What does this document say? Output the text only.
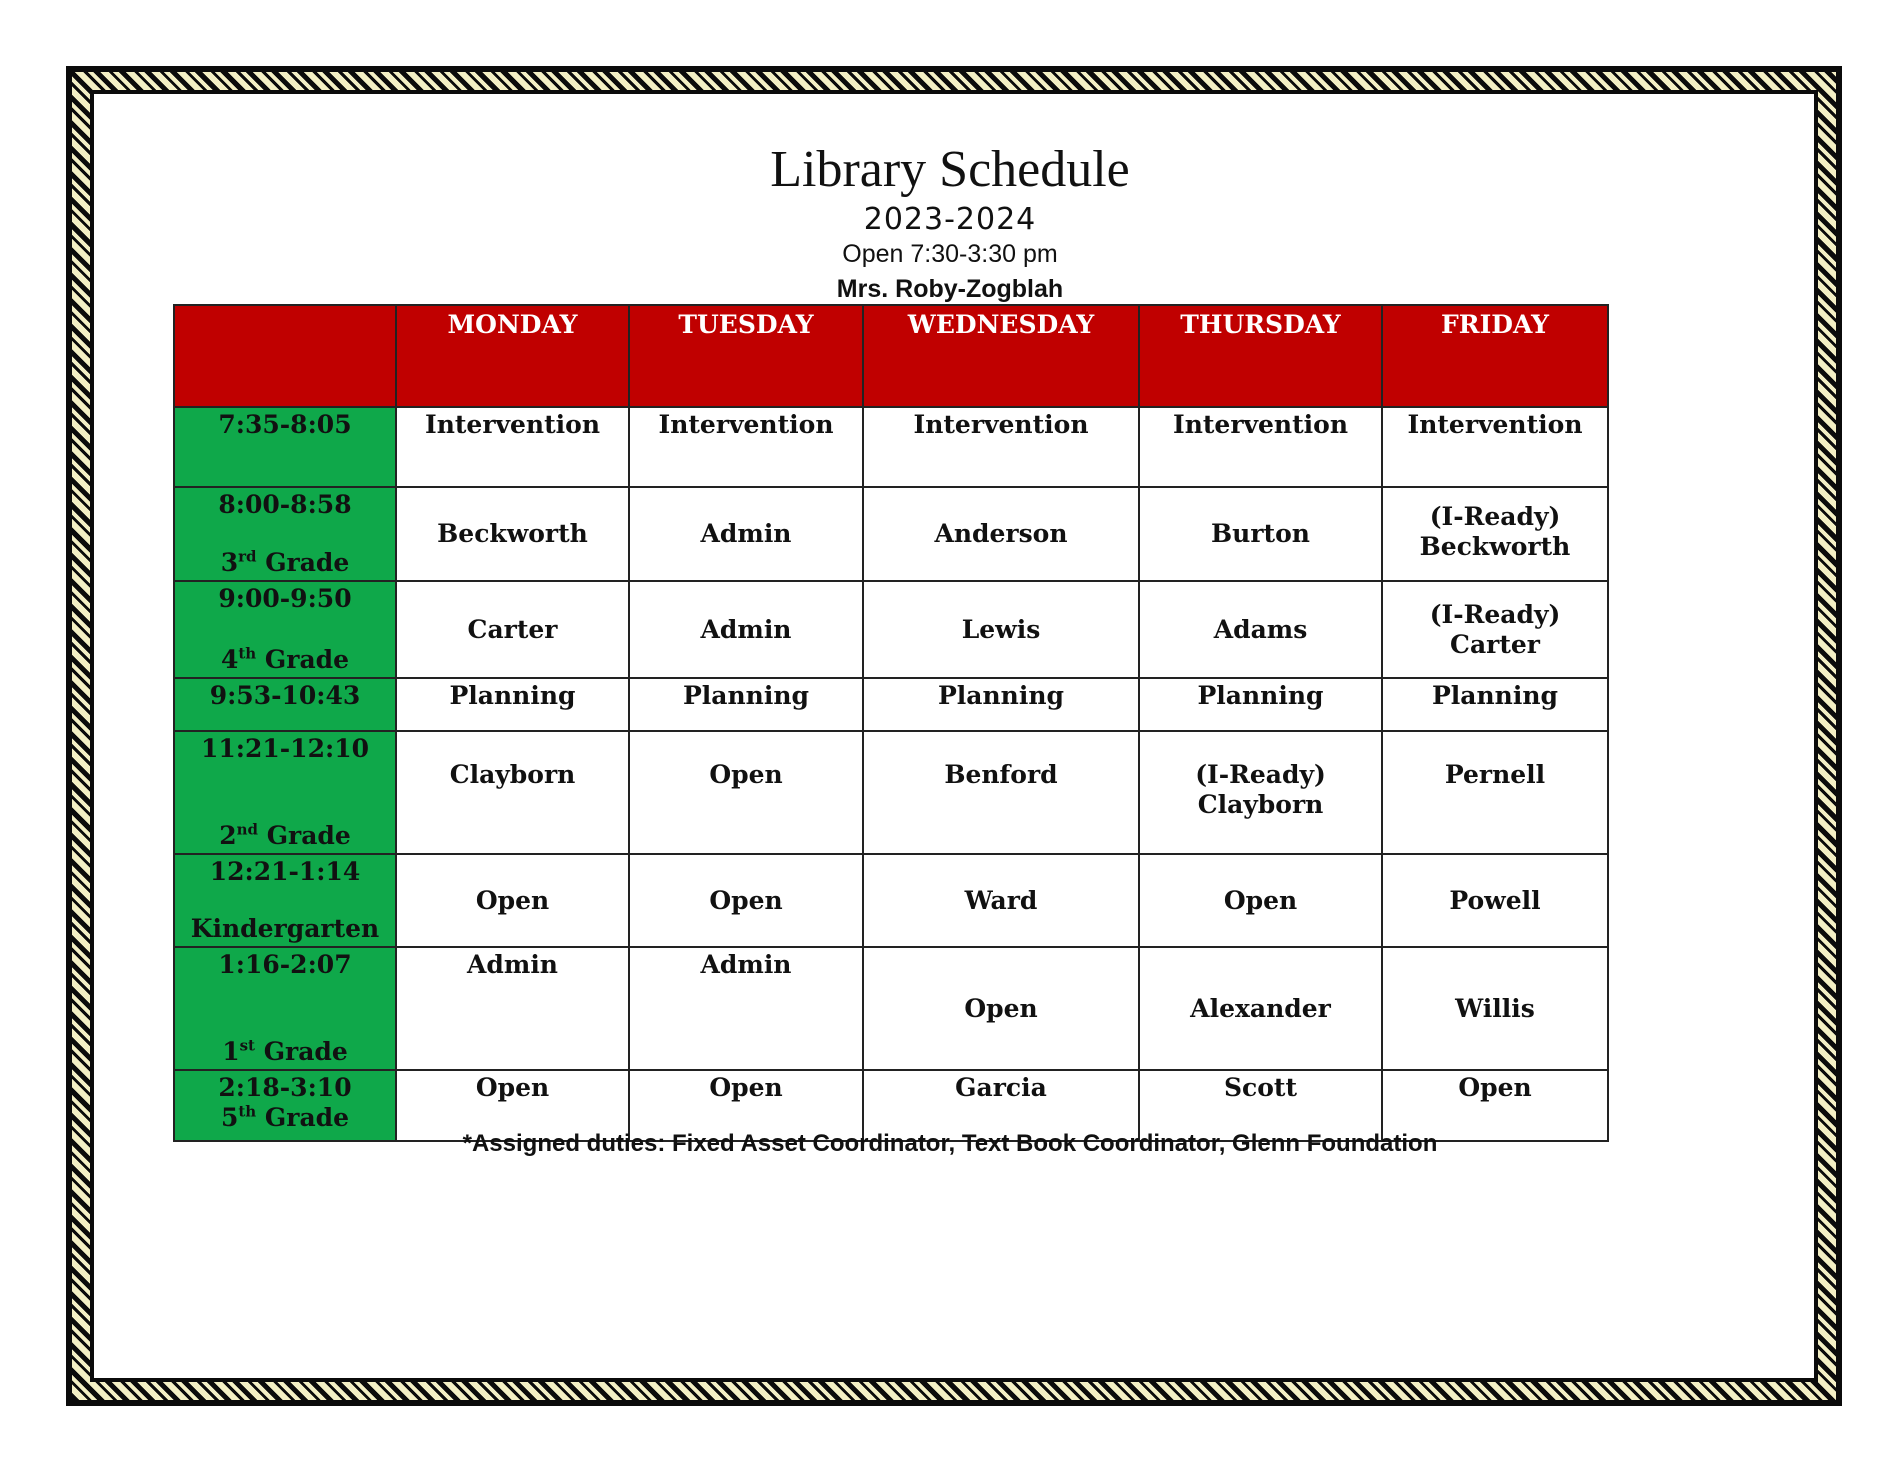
Library Schedule
2023-2024
Open 7:30-3:30 pm
Mrs. Roby-Zogblah
	MONDAY	TUESDAY	WEDNESDAY	THURSDAY	FRIDAY

7:35-8:05	Intervention	Intervention	Intervention	Intervention	Intervention

8:00-8:58
3rd Grade	Beckworth	Admin	Anderson	Burton	(I-Ready) Beckworth

9:00-9:50
4th Grade	Carter	Admin	Lewis	Adams	(I-Ready) Carter

9:53-10:43	Planning	Planning	Planning	Planning	Planning

11:21-12:10
2nd Grade	Clayborn	Open	Benford	(I-Ready) Clayborn	Pernell

12:21-1:14
Kindergarten	Open	Open	Ward	Open	Powell

1:16-2:07
1st Grade	Admin	Admin	Open	Alexander	Willis

2:18-3:10
5th Grade	Open	Open	Garcia	Scott	Open
*Assigned duties: Fixed Asset Coordinator, Text Book Coordinator, Glenn Foundation
